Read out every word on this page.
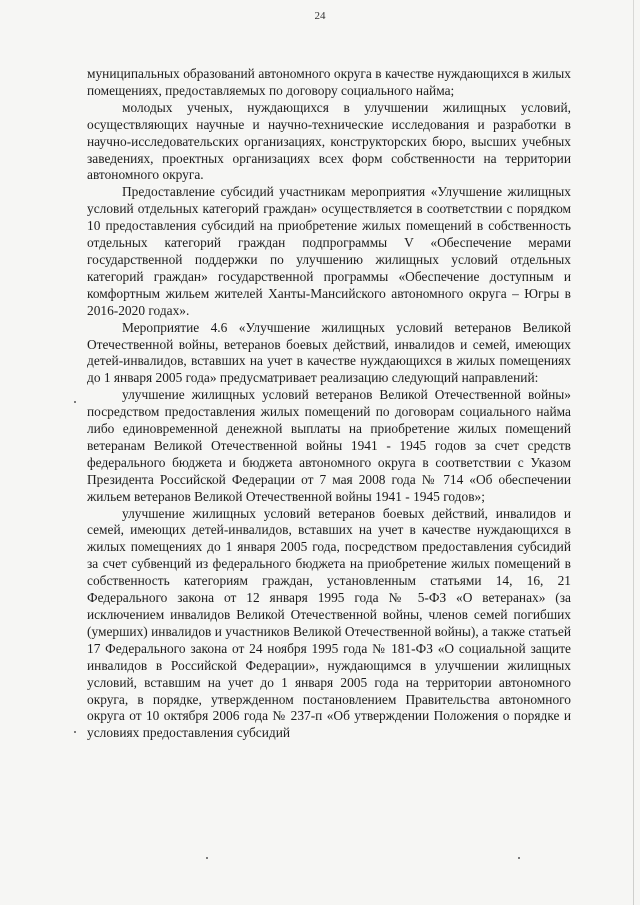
24

муниципальных образований автономного округа в качестве нуждающихся в жилых помещениях, предоставляемых по договору социального найма;

молодых ученых, нуждающихся в улучшении жилищных условий, осуществляющих научные и научно-технические исследования и разработки в научно-исследовательских организациях, конструкторских бюро, высших учебных заведениях, проектных организациях всех форм собственности на территории автономного округа.

Предоставление субсидий участникам мероприятия «Улучшение жилищных условий отдельных категорий граждан» осуществляется в соответствии с порядком 10 предоставления субсидий на приобретение жилых помещений в собственность отдельных категорий граждан подпрограммы V «Обеспечение мерами государственной поддержки по улучшению жилищных условий отдельных категорий граждан» государственной программы «Обеспечение доступным и комфортным жильем жителей Ханты-Мансийского автономного округа – Югры в 2016-2020 годах».

Мероприятие 4.6 «Улучшение жилищных условий ветеранов Великой Отечественной войны, ветеранов боевых действий, инвалидов и семей, имеющих детей-инвалидов, вставших на учет в качестве нуждающихся в жилых помещениях до 1 января 2005 года» предусматривает реализацию следующий направлений:

улучшение жилищных условий ветеранов Великой Отечественной войны» посредством предоставления жилых помещений по договорам социального найма либо единовременной денежной выплаты на приобретение жилых помещений ветеранам Великой Отечественной войны 1941 - 1945 годов за счет средств федерального бюджета и бюджета автономного округа в соответствии с Указом Президента Российской Федерации от 7 мая 2008 года № 714 «Об обеспечении жильем ветеранов Великой Отечественной войны 1941 - 1945 годов»;

улучшение жилищных условий ветеранов боевых действий, инвалидов и семей, имеющих детей-инвалидов, вставших на учет в качестве нуждающихся в жилых помещениях до 1 января 2005 года, посредством предоставления субсидий за счет субвенций из федерального бюджета на приобретение жилых помещений в собственность категориям граждан, установленным статьями 14, 16, 21 Федерального закона от 12 января 1995 года № 5-ФЗ «О ветеранах» (за исключением инвалидов Великой Отечественной войны, членов семей погибших (умерших) инвалидов и участников Великой Отечественной войны), а также статьей 17 Федерального закона от 24 ноября 1995 года № 181-ФЗ «О социальной защите инвалидов в Российской Федерации», нуждающимся в улучшении жилищных условий, вставшим на учет до 1 января 2005 года на территории автономного округа, в порядке, утвержденном постановлением Правительства автономного округа от 10 октября 2006 года № 237-п «Об утверждении Положения о порядке и условиях предоставления субсидий
